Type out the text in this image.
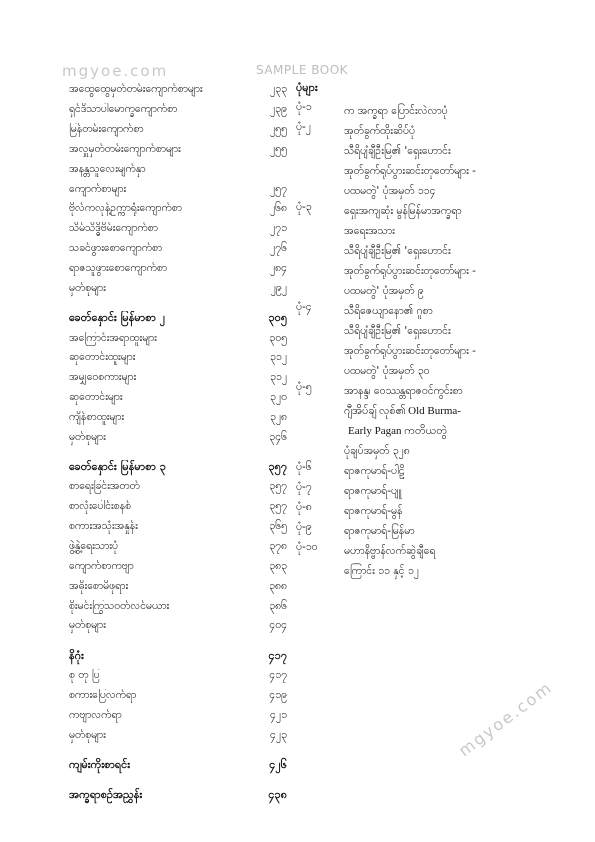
mgyoe.com	SAMPLE BOOK
mgyoe.com
အထွေထွေမှတ်တမ်းကျောက်စာများ	၂၃၃
ရှင်ဒိသာပါမောက္ခကျောက်စာ	၂၃၉
မြန်တမ်းကျောက်စာ	၂၅၅
အလှူမှတ်တမ်းကျောက်စာများ	၂၅၅
အနန္တသူလေးမျက်နှာ
ကျောက်စာများ	၂၅၇
ဗိုလ်ကလုန့်ဥက္ကာရုံးကျောက်စာ	၂၆၈
သိမ်သိဒ္ဓိဗိမ်းကျောက်စာ	၂၇၁
သခင်ဖွားစောကျောက်စာ	၂၇၆
ရာဇသူဖွားစောကျောက်စာ	၂၈၄
မှတ်စုများ	၂၉၂
ခေတ်နှောင်း မြန်မာစာ ၂	၃၀၅
အကြောင်းအရာထူးများ	၃၀၅
ဆုတောင်းထူးများ	၃၁၂
အမျှဝေစကားများ	၃၁၂
ဆုတောင်းများ	၃၂၀
ကျိန်စာထူးများ	၃၂၈
မှတ်စုများ	၃၄၆
ခေတ်နှောင်း မြန်မာစာ ၃	၃၅၇
စာရေးခြင်းအတတ်	၃၅၇
စာလုံးပေါင်းစနစ်	၃၅၇
စကားအသုံးအနှုန်း	၃၆၅
ဖွဲ့နွဲ့ရေးသားပုံ	၃၇၈
ကျောက်စာကဗျာ	၃၈၃
အဓိုးစောမိဖုရား	၃၈၈
စိုးမင်းကြွသဝတ်လင်မယား	၃၈၆
မှတ်စုများ	၄၀၄
နိဂုံး	၄၁၇
စု တု ပြ	၄၁၇
စကားပြေလက်ရာ	၄၁၉
ကဗျာလက်ရာ	၄၂၁
မှတ်စုများ	၄၂၃
ကျမ်းကိုးစာရင်း	၄၂၆
အက္ခရာစဉ်အညွှန်း	၄၃၈
ပုံများ
ပုံ-၁	က အက္ခရာ ပြောင်းလဲလာပုံ
ပုံ-၂	အုတ်ခွက်ထိုးဆိပ်ပုံ
သီရိပျံချီဦးမြ၏ 'ရှေးဟောင်း
အုတ်ခွက်ရုပ်ပွားဆင်းတုတော်များ -
ပထမတွဲ' ပုံအမှတ် ၁၁၄
ပုံ-၃	ရှေးအကျဆုံး မွန်မြန်မာအက္ခရာ
အရေးအသား
သီရိပျံချီဦးမြ၏ 'ရှေးဟောင်း
အုတ်ခွက်ရုပ်ပွားဆင်းတုတော်များ -
ပထမတွဲ' ပုံအမှတ် ၉
ပုံ-၄	သီရိဇေယျာနော၏ ဂူစာ
သီရိပျံချီဦးမြ၏ 'ရှေးဟောင်း
အုတ်ခွက်ရုပ်ပွားဆင်းတုတော်များ -
ပထမတွဲ' ပုံအမှတ် ၃၀
ပုံ-၅	အာနန္ဒ၊ ဝေဿန္တရာဇဝင်ကွင်းစာ
ဂျီအိပ်ချ် လုစ်၏ Old Burma-
Early Pagan ကတိယတွဲ
ပုံချပ်အမှတ် ၃၂၈
ပုံ-၆	ရာဇကုမာရ်-ပါဠိ
ပုံ-၇	ရာဇကုမာရ်-ပျူ
ပုံ-၈	ရာဇကုမာရ်-မွန်
ပုံ-၉	ရာဇကုမာရ်-မြန်မာ
ပုံ-၁၀	မဟာနိဗ္ဗာန်လက်ဆွဲချီရေ
ကြောင်း ၁၁ နှင့် ၁၂
